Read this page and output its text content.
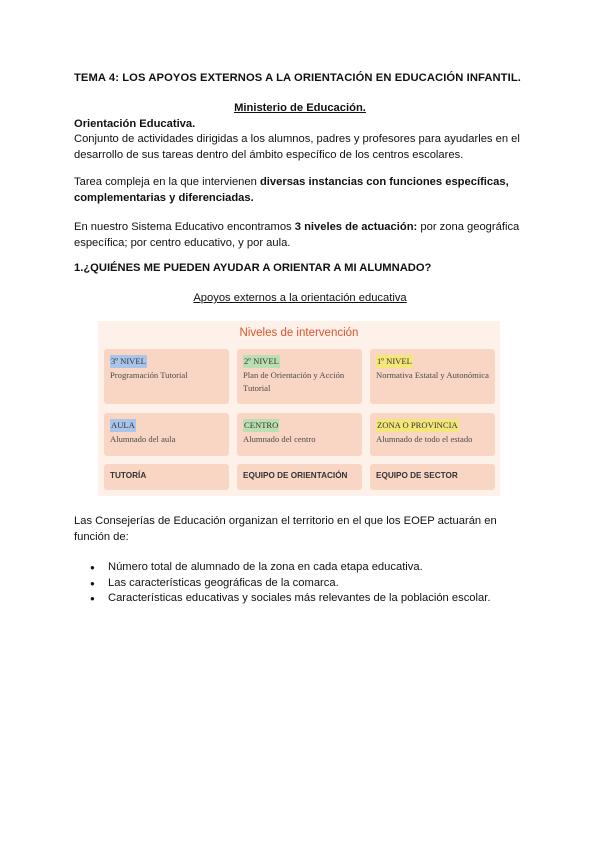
TEMA 4: LOS APOYOS EXTERNOS A LA ORIENTACIÓN EN EDUCACIÓN INFANTIL.
Ministerio de Educación.
Orientación Educativa.
Conjunto de actividades dirigidas a los alumnos, padres y profesores para ayudarles en el desarrollo de sus tareas dentro del ámbito específico de los centros escolares.
Tarea compleja en la que intervienen diversas instancias con funciones específicas, complementarias y diferenciadas.
En nuestro Sistema Educativo encontramos 3 niveles de actuación: por zona geográfica específica; por centro educativo, y por aula.
1.¿QUIÉNES ME PUEDEN AYUDAR A ORIENTAR A MI ALUMNADO?
Apoyos externos a la orientación educativa
Niveles de intervención
3º NIVEL
Programación Tutorial
2º NIVEL
Plan de Orientación y Acción Tutorial
1º NIVEL
Normativa Estatal y Autonómica
AULA
Alumnado del aula
CENTRO
Alumnado del centro
ZONA O PROVINCIA
Alumnado de todo el estado
TUTORÍA	EQUIPO DE ORIENTACIÓN	EQUIPO DE SECTOR
Las Consejerías de Educación organizan el territorio en el que los EOEP actuarán en función de:
● Número total de alumnado de la zona en cada etapa educativa.
● Las características geográficas de la comarca.
● Características educativas y sociales más relevantes de la población escolar.
